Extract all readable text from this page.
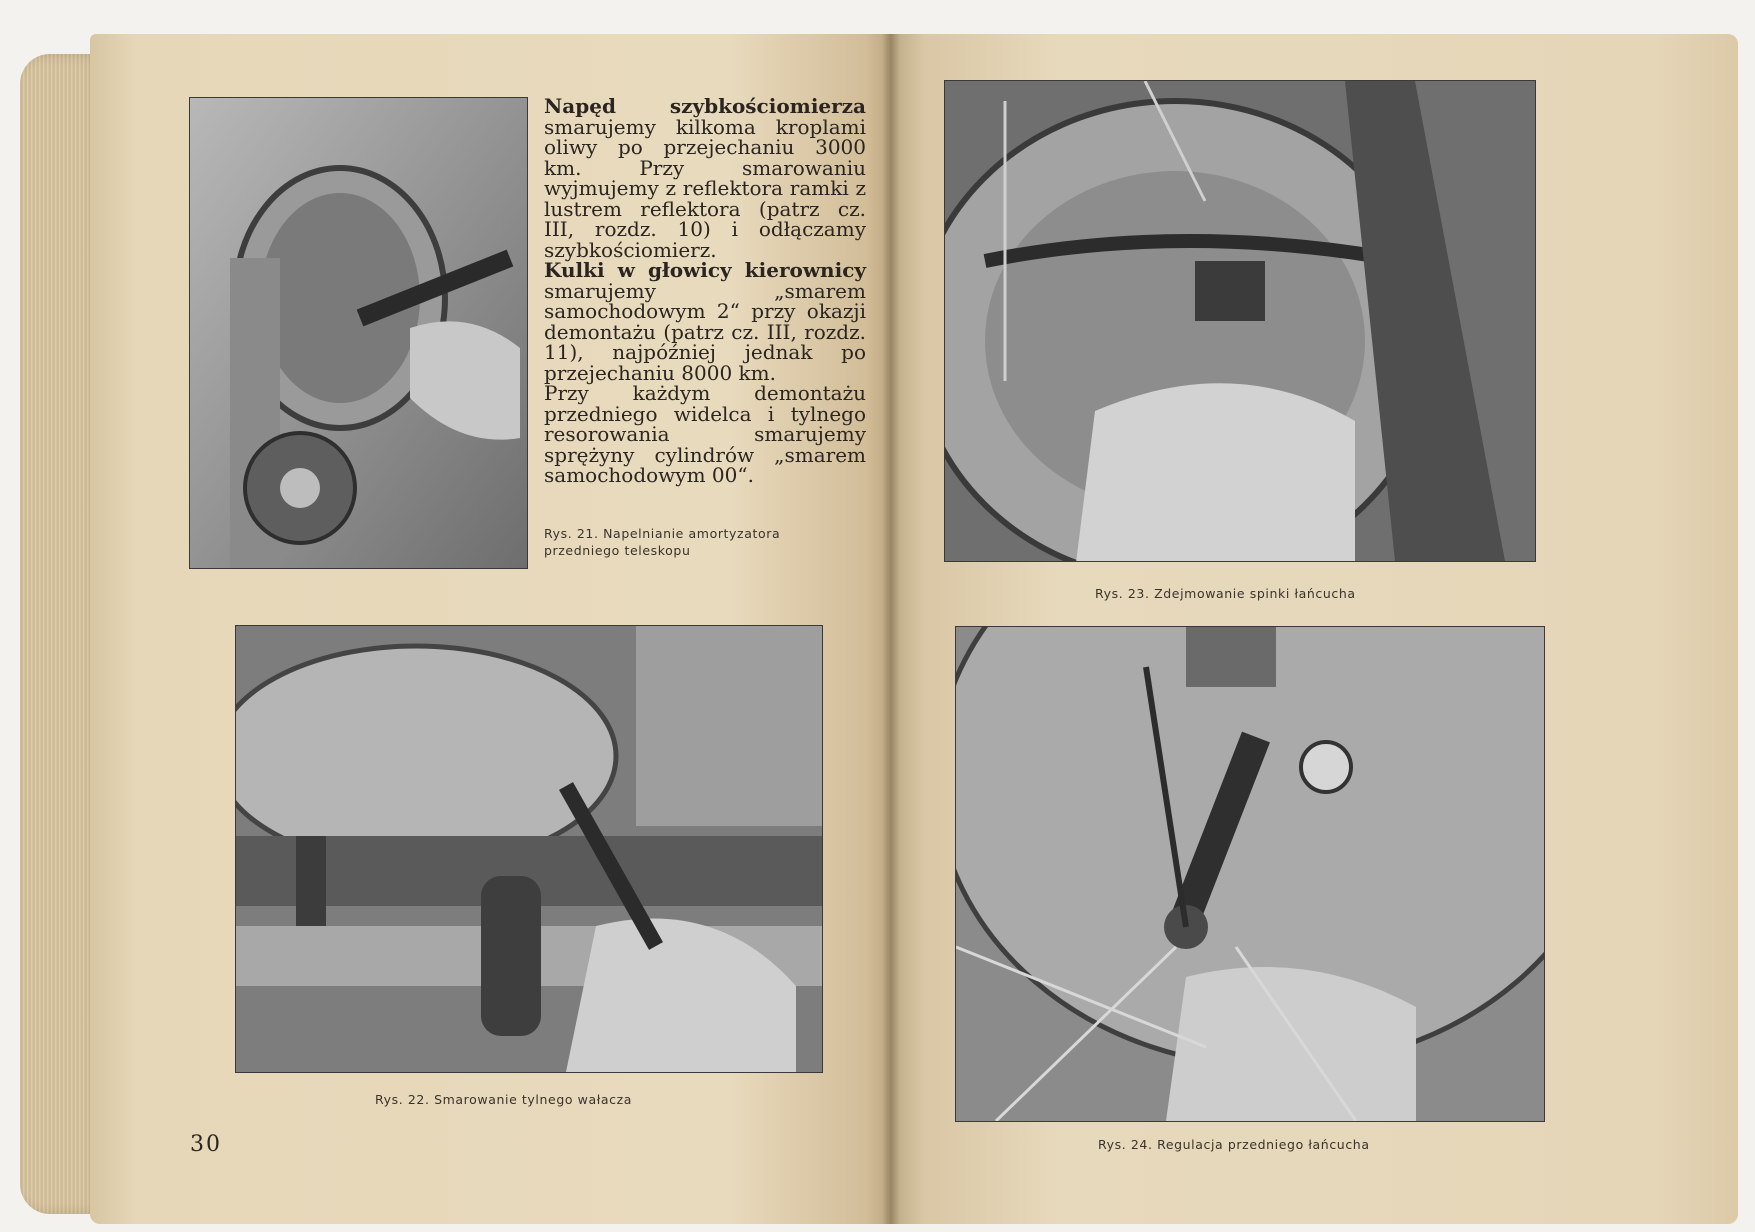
Napęd szybkościomierza smarujemy kilkoma kroplami oliwy po przejechaniu 3000 km. Przy smarowaniu wyjmujemy z reflektora ramki z lustrem reflektora (patrz cz. III, rozdz. 10) i odłączamy szybkościomierz.

Kulki w głowicy kierownicy smarujemy „smarem samochodowym 2“ przy okazji demontażu (patrz cz. III, rozdz. 11), najpóźniej jednak po przejechaniu 8000 km.

Przy każdym demontażu przedniego widelca i tylnego resorowania smarujemy sprężyny cylindrów „smarem samochodowym 00“.

Rys. 21. Napelnianie amortyzatora
przedniego teleskopu
Rys. 22. Smarowanie tylnego wałacza
30
Rys. 23. Zdejmowanie spinki łańcucha
Rys. 24. Regulacja przedniego łańcucha
